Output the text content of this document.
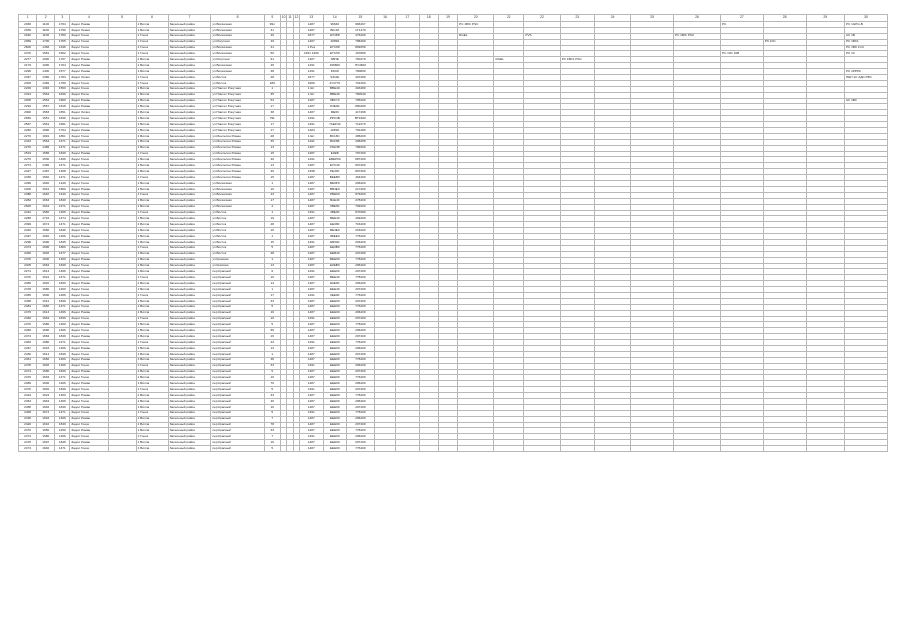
1	2	3	4	5	6	7	8	9	10	11	12	13	14	15	16	17	18	19	20	21	22	23	24	25	26	27	28	29	30
2030	1100	1764	Задол Роман		1 Вилла	Заселеный район	ул.Вокзалная	99л				1487	96640	966467					PC 1BIC PSC							PC			PC 1GPG-В
2039	1100	1766	Задол Ленна		1 Вилла	Заселеный район	ул.Вокзалная	31				1487	ВКс40	1Т1470															
2040	1100	1780	Задол Гонок		1 Гонок	Заселеный район	ул.Вокзалная	49				1877	1РСВР	376400					RGEL		PVS				PC 1BIC PSC				AC 1В
2069	1700	1765	Задол Гонок		1 Гонок	Заселеный район	ул.Рокутная	49				1487	40899	788469													PC 10С		PC 1ВС1
2600	1466	1346	Задол Гонок		1 Гонок	Заселеный район	ул.Вокзалная	41				1 Рек	ЕТС88	809259															PC 1ВС 1СС
2470	1681	1562	Задол Гонок		1 Гонок	Заселеный район	ул.Вокзалная	50				1491 1399	ЕТС59	167889												PC 10С 10В			PC 1С
2277	1990	1767	Задол Роман		1 Вилла	Заселеный район	ул.Рокутная	91				1487	4ВПЕ	760479						RGEL		PC 1ВС1 PSC							
2179	1990	1764	Задол Роман		1 Вилла	Заселеный район	ул.Вокзалная	45				1491	166800	НУ4600															
2296	1400	1577	Задол Роман		1 Вилла	Заселеный район	ул.Вокзалная	48				1491	FRU8	760800															PC 1РРРК
2497	1380	1783	Задол Лилия		1 Гонок	Заселеный район	ул.Восток	28				1877	S4UIE	497480															НЕН 1С АДС РБС
2300	1382	1790	Задол Гонок		1 Гонок	Заселеный район	ул.Восток	189				1966	2У4770	701300															
2200	1392	1560	Задол Гонок		1 Вилла	Заселеный район	ул.Нинтел Рокутная	1				1 Шт	ВВЕ49	403480															
2313	1564	1849	Задол Рогон		1 Вилла	Заселеный район	ул.Нинтел Рокутная	35				1 Шт	ВВЕ49	780949															
2005	1554	1860	Задол Роман		1 Вилла	Заселеный район	ул.Нинтел Рокутная	54				1487	0ВС70	765400															АС 1ВС
2294	1567	1818	Задол Роман		1 Вилла	Заселеный район	ул.Нинтел Рокутная	17				1487	Р4Е00	880400															
2000	1583	1651	Задол Лилия		1 Вилла	Заселеный район	ул.Нинтел Рокутная	38				1487	МЕ60	417468															
2666	1551	1849	Задол Гонок		1 Вилла	Заселеный район	ул.Нинтел Рокутная	НЕ				1491	РРС4В	ВТК400															
2567	1561	1681	Задол Гонок		1 Вилла	Заселеный район	ул.Нинтел Рокутная	17				1491	7АЕР40	712470															
2266	1990	1764	Задол Роман		1 Вилла	Заселеный район	ул.Нинтел Рокутная	17				1484	10Р40	701480															
2270	1991	1861	Задол Гонок		1 Вилла	Заселеный район	ул.Ментелон Роман	28				1 Шт	ВС18С	486200															
2434	1564	1471	Задол Гонок		1 Вилла	Заселеный район	ул.Ментелон Роман	35				1491	ВКК4В	298458															
2270	1486	1471	Задол Гонок		1 Вилла	Заселеный район	ул.Ментелон Роман	13				1487	07ЕОВ	789400															
2519	1586	1849	Задол Роман		1 Гонок	Заселеный район	ул.Ментелон Роман	15				1487	Е0ЕВ	797400															
2276	1500	1466	Задол Гонок		1 Вилла	Заселеный район	ул.Ментелон Роман	40				1491	ЕВЕР00	887400															
2274	1496	1471	Задол Гонок		1 Вилла	Заселеный район	ул.Ментелон Роман	13				1487	ЕУС40	607400															
2427	1487	1468	Задол Гонок		1 Вилла	Заселеный район	ул.Ментелон Роман	49				1498	РЕ40С	897460															
2436	1540	1471	Задол Гонок		1 Гонок	Заселеный район	ул.Ментелон Роман	15				1487	ВЕЕВ0	464400															
2496	1640	1449	Задол Гонок		1 Вилла	Заселеный район	ул.Вокзалная	1				1487	ВЕ0Р0	296400															
2400	1644	1860	Задол Роман		1 Вилла	Заселеный район	ул.Вокзалная	16				1487	ВВ4Е0	217400															
2388	1640	1440	Задол Гонок		1 Гонок	Заселеный район	ул.Вокзалная	43				1487	РВЕ00	879400															
2282	1664	1849	Задол Роман		1 Вилла	Заселеный район	ул.Вокзалная	17				1487	ВАЕ40	278400															
2600	1644	1471	Задол Гонок		1 Вилла	Заселеный район	ул.Вокзалная	4				1487	9ВЕ00	709400															
2442	1650	1466	Задол Роман		1 Гонок	Заселеный район	ул.Восток	1				1491	4ВЕ00	870480															
2280	1716	1474	Задол Гонок		1 Вилла	Заселеный район	ул.Восток	19				1487	ВЕЕ40	499400															
2399	1674	1471	Задол Роман		1 Вилла	Заселеный район	ул.Восток	48				1487	ЕЕ080	716400															
2440	1660	1849	Задол Гонок		1 Вилла	Заселеный район	ул.Восток	16				1487	ВЕ4Е0	216400															
2497	1640	1466	Задол Роман		1 Вилла	Заселеный район	ул.Восток	1				1487	9ВЕЕ0	776400															
2298	1690	1845	Задол Роман		1 Вилла	Заселеный район	ул.Восток	15				1491	ЕВ000	293400															
2474	1690	1860	Задол Гонок		1 Гонок	Заселеный район	ул.Восток	5				1487	ЕЕ0В0	776400															
2460	1640	1477	Задол Гонок		1 Вилла	Заселеный район	ул.Восток	48				1487	ЕЕВ40	297480															
2470	1600	1460	Задол Роман		1 Вилла	Заселеный район	ул.Красная	1				1487	ВЕЕ00	778400															
2405	1664	1849	Задол Гонок		1 Вилла	Заселеный район	ул.Красная	13				1487	Е0ЕВ0	296400															
2274	1614	1466	Задол Роман		1 Вилла	Заселеный район	пер.Красный	6				1491	ЕЕЕ00	297400															
2470	1624	1471	Задол Гонок		1 Гонок	Заселеный район	пер.Красный	16				1487	ВЕЕ40	778400															
2480	1640	1849	Задол Роман		1 Вилла	Заселеный район	пер.Красный	14				1487	Е0Е00	296400															
2478	1680	1460	Задол Гонок		1 Вилла	Заселеный район	пер.Красный	1				1487	ЕЕЕ40	297400															
2465	1600	1466	Задол Гонок		1 Гонок	Заселеный район	пер.Красный	17				1491	0ЕЕ00	776400															
2468	1612	1849	Задол Роман		1 Вилла	Заселеный район	пер.Красный	33				1487	ЕЕЕ00	297400															
2484	1650	1471	Задол Гонок		1 Вилла	Заселеный район	пер.Красный	5				1487	ЕЕЕ00	776400															
2476	1614	1466	Задол Роман		1 Вилла	Заселеный район	пер.Красный	16				1487	ЕЕЕ00	296400															
2460	1664	1849	Задол Гонок		1 Гонок	Заселеный район	пер.Красный	19				1491	ЕЕЕ00	297400															
2470	1680	1460	Задол Роман		1 Вилла	Заселеный район	пер.Красный	5				1487	ЕЕЕ00	778400															
2466	1690	1466	Задол Гонок		1 Вилла	Заселеный район	пер.Красный	56				1487	ЕЕЕ00	296400															
2474	1684	1849	Задол Роман		1 Вилла	Заселеный район	пер.Красный	16				1487	ЕЕЕ00	297400															
2463	1680	1471	Задол Гонок		1 Гонок	Заселеный район	пер.Красный	44				1491	ЕЕЕ00	776400															
2467	1616	1466	Задол Роман		1 Вилла	Заселеный район	пер.Красный	14				1487	ЕЕЕ00	296400															
2430	1614	1849	Задол Гонок		1 Вилла	Заселеный район	пер.Красный	1				1487	ЕЕЕ00	297400															
2461	1660	1460	Задол Роман		1 Вилла	Заселеный район	пер.Красный	48				1487	ЕЕЕ00	778400															
2478	1640	1466	Задол Гонок		1 Гонок	Заселеный район	пер.Красный	33				1491	ЕЕЕ00	296400															
2474	1680	1849	Задол Роман		1 Вилла	Заселеный район	пер.Красный	5				1487	ЕЕЕ00	297400															
2476	1694	1471	Задол Гонок		1 Вилла	Заселеный район	пер.Красный	16				1487	ЕЕЕ00	776400															
2480	1600	1466	Задол Роман		1 Вилла	Заселеный район	пер.Красный	76				1487	ЕЕЕ00	296400															
2470	1640	1849	Задол Гонок		1 Гонок	Заселеный район	пер.Красный	5				1491	ЕЕЕ00	297400															
2424	1624	1460	Задол Роман		1 Вилла	Заселеный район	пер.Красный	33				1487	ЕЕЕ00	778400															
2454	1664	1466	Задол Гонок		1 Вилла	Заселеный район	пер.Красный	46				1487	ЕЕЕ00	296400															
2458	1646	1849	Задол Роман		1 Вилла	Заселеный район	пер.Красный	16				1487	ЕЕЕ00	297400															
2468	1674	1471	Задол Гонок		1 Гонок	Заселеный район	пер.Красный	5				1491	ЕЕЕ00	776400															
2430	1694	1466	Задол Роман		1 Вилла	Заселеный район	пер.Красный	7				1487	ЕЕЕ00	296400															
2420	1610	1849	Задол Гонок		1 Вилла	Заселеный район	пер.Красный	78				1487	ЕЕЕ00	297400															
2470	1650	1460	Задол Роман		1 Вилла	Заселеный район	пер.Красный	33				1487	ЕЕЕ00	778400															
2474	1680	1466	Задол Гонок		1 Гонок	Заселеный район	пер.Красный	7				1491	ЕЕЕ00	296400															
2470	1697	1849	Задол Роман		1 Вилла	Заселеный район	пер.Красный	16				1487	ЕЕЕ00	297400															
2474	1640	1471	Задол Гонок		1 Вилла	Заселеный район	пер.Красный	5				1487	ЕЕЕ00	776400															
